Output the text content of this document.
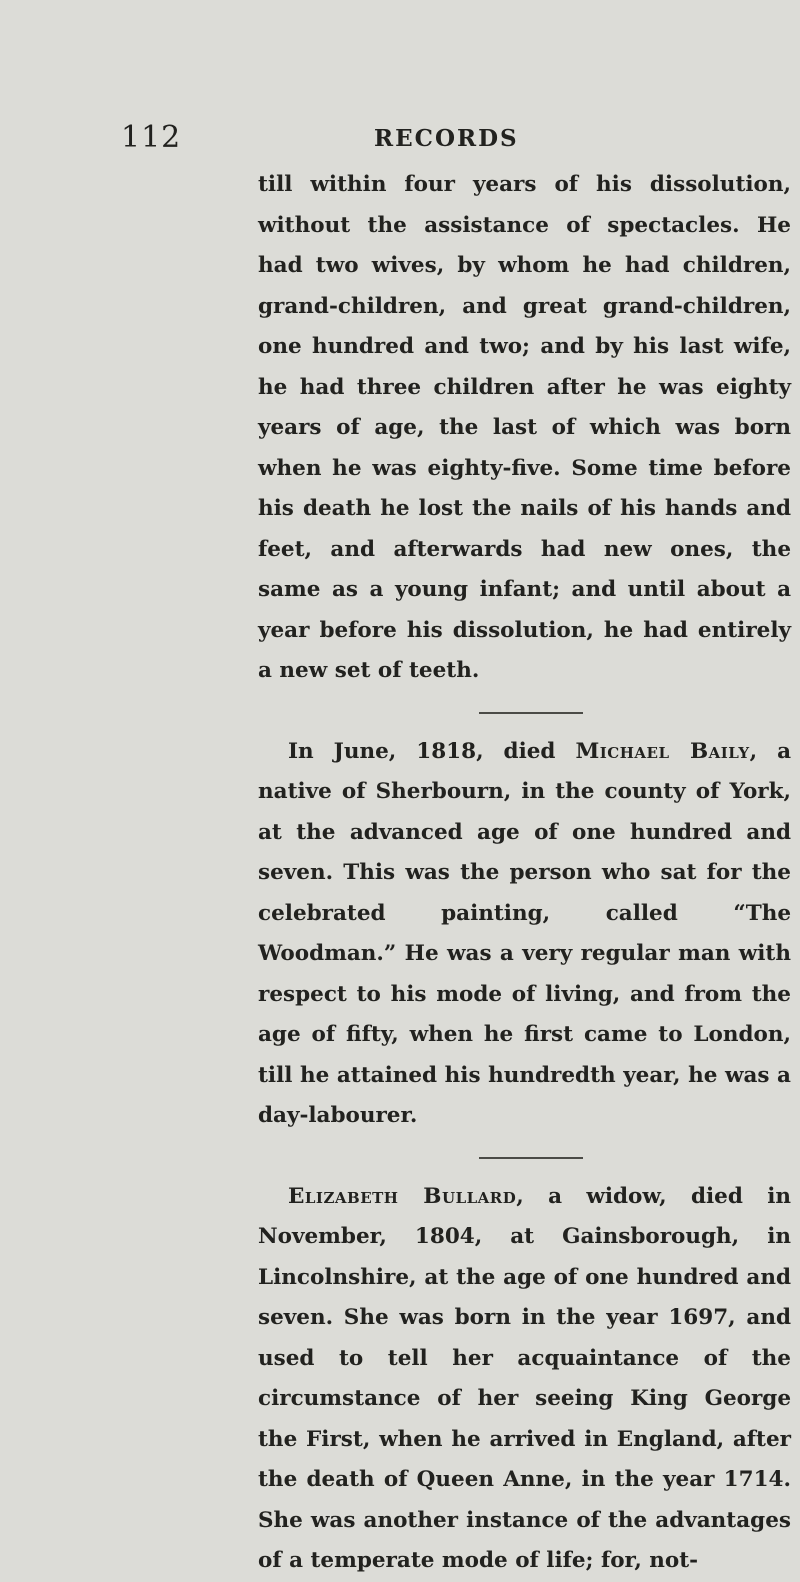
112	RECORDS

till within four years of his dissolution, without the assistance of spectacles. He had two wives, by whom he had children, grand-children, and great grand-children, one hundred and two; and by his last wife, he had three children after he was eighty years of age, the last of which was born when he was eighty-five. Some time before his death he lost the nails of his hands and feet, and afterwards had new ones, the same as a young infant; and until about a year before his dissolution, he had entirely a new set of teeth.

In June, 1818, died Michael Baily, a native of Sherbourn, in the county of York, at the advanced age of one hundred and seven. This was the person who sat for the celebrated painting, called “The Woodman.” He was a very regular man with respect to his mode of living, and from the age of fifty, when he first came to London, till he attained his hundredth year, he was a day-labourer.

Elizabeth Bullard, a widow, died in November, 1804, at Gainsborough, in Lincolnshire, at the age of one hundred and seven. She was born in the year 1697, and used to tell her acquaintance of the circumstance of her seeing King George the First, when he arrived in England, after the death of Queen Anne, in the year 1714. She was another instance of the advantages of a temperate mode of life; for, not-
